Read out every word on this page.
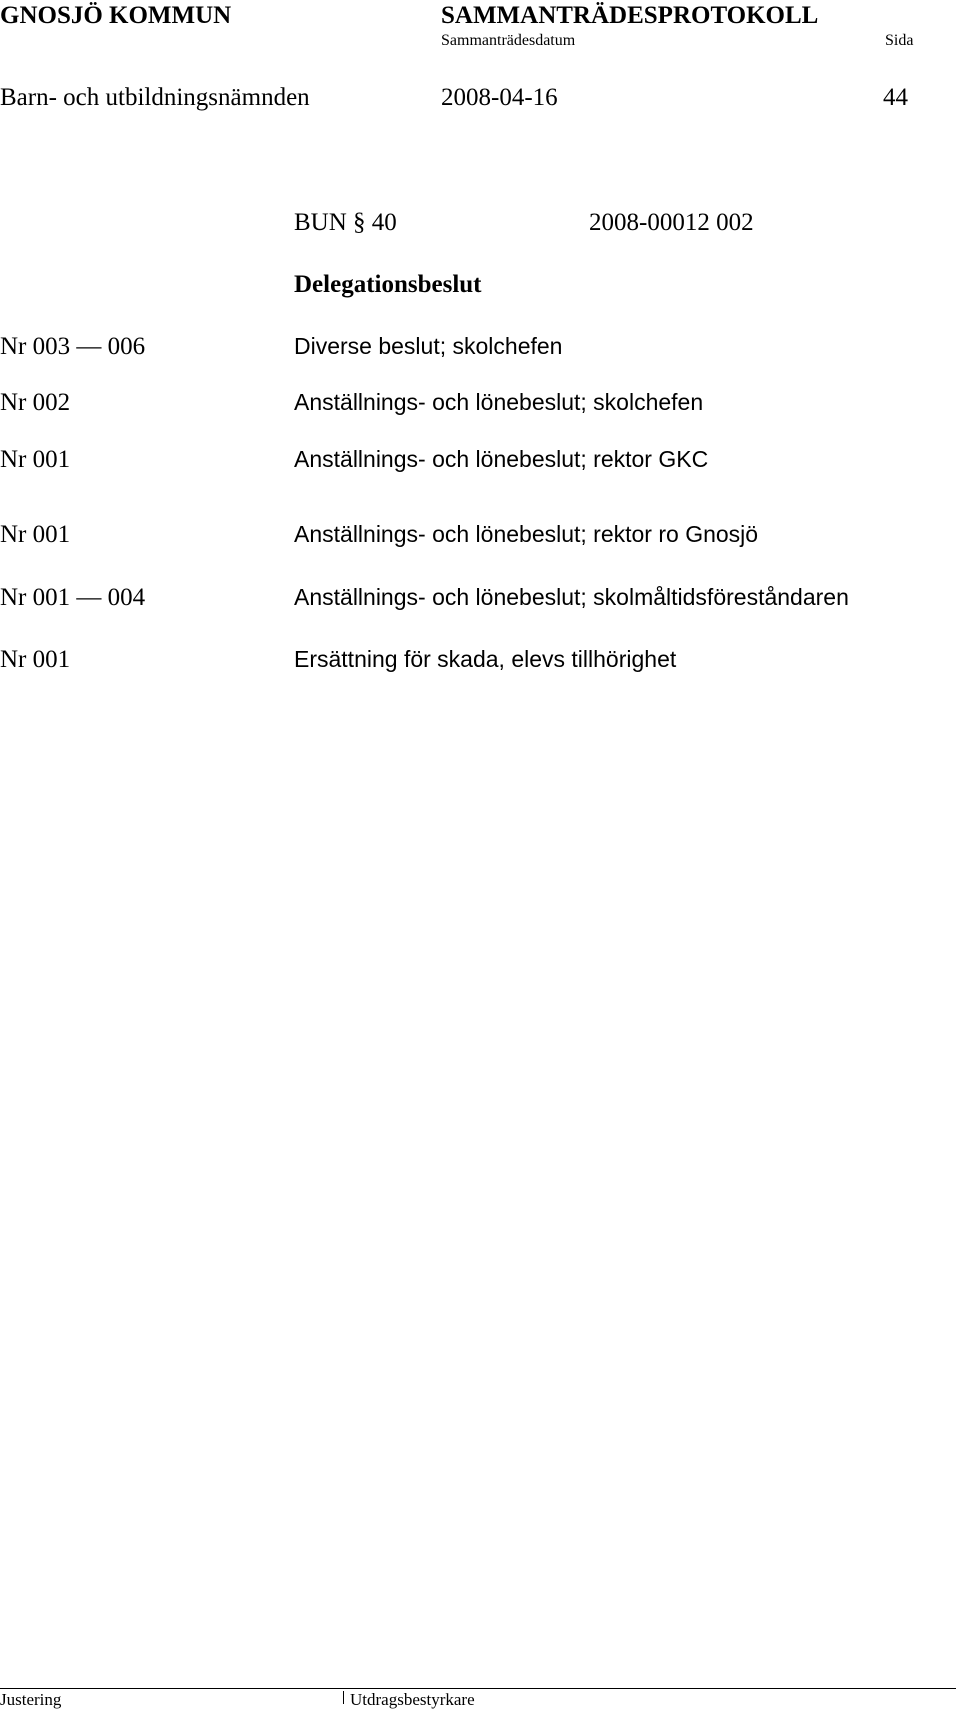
GNOSJÖ KOMMUN	SAMMANTRÄDESPROTOKOLL
Sammanträdesdatum	Sida
Barn- och utbildningsnämnden	2008-04-16	44
BUN § 40	2008-00012 002
Delegationsbeslut
Nr 003 — 006	Diverse beslut; skolchefen
Nr 002	Anställnings- och lönebeslut; skolchefen
Nr 001	Anställnings- och lönebeslut; rektor GKC
Nr 001	Anställnings- och lönebeslut; rektor ro Gnosjö
Nr 001 — 004	Anställnings- och lönebeslut; skolmåltidsföreståndaren
Nr 001	Ersättning för skada, elevs tillhörighet
Justering	Utdragsbestyrkare
